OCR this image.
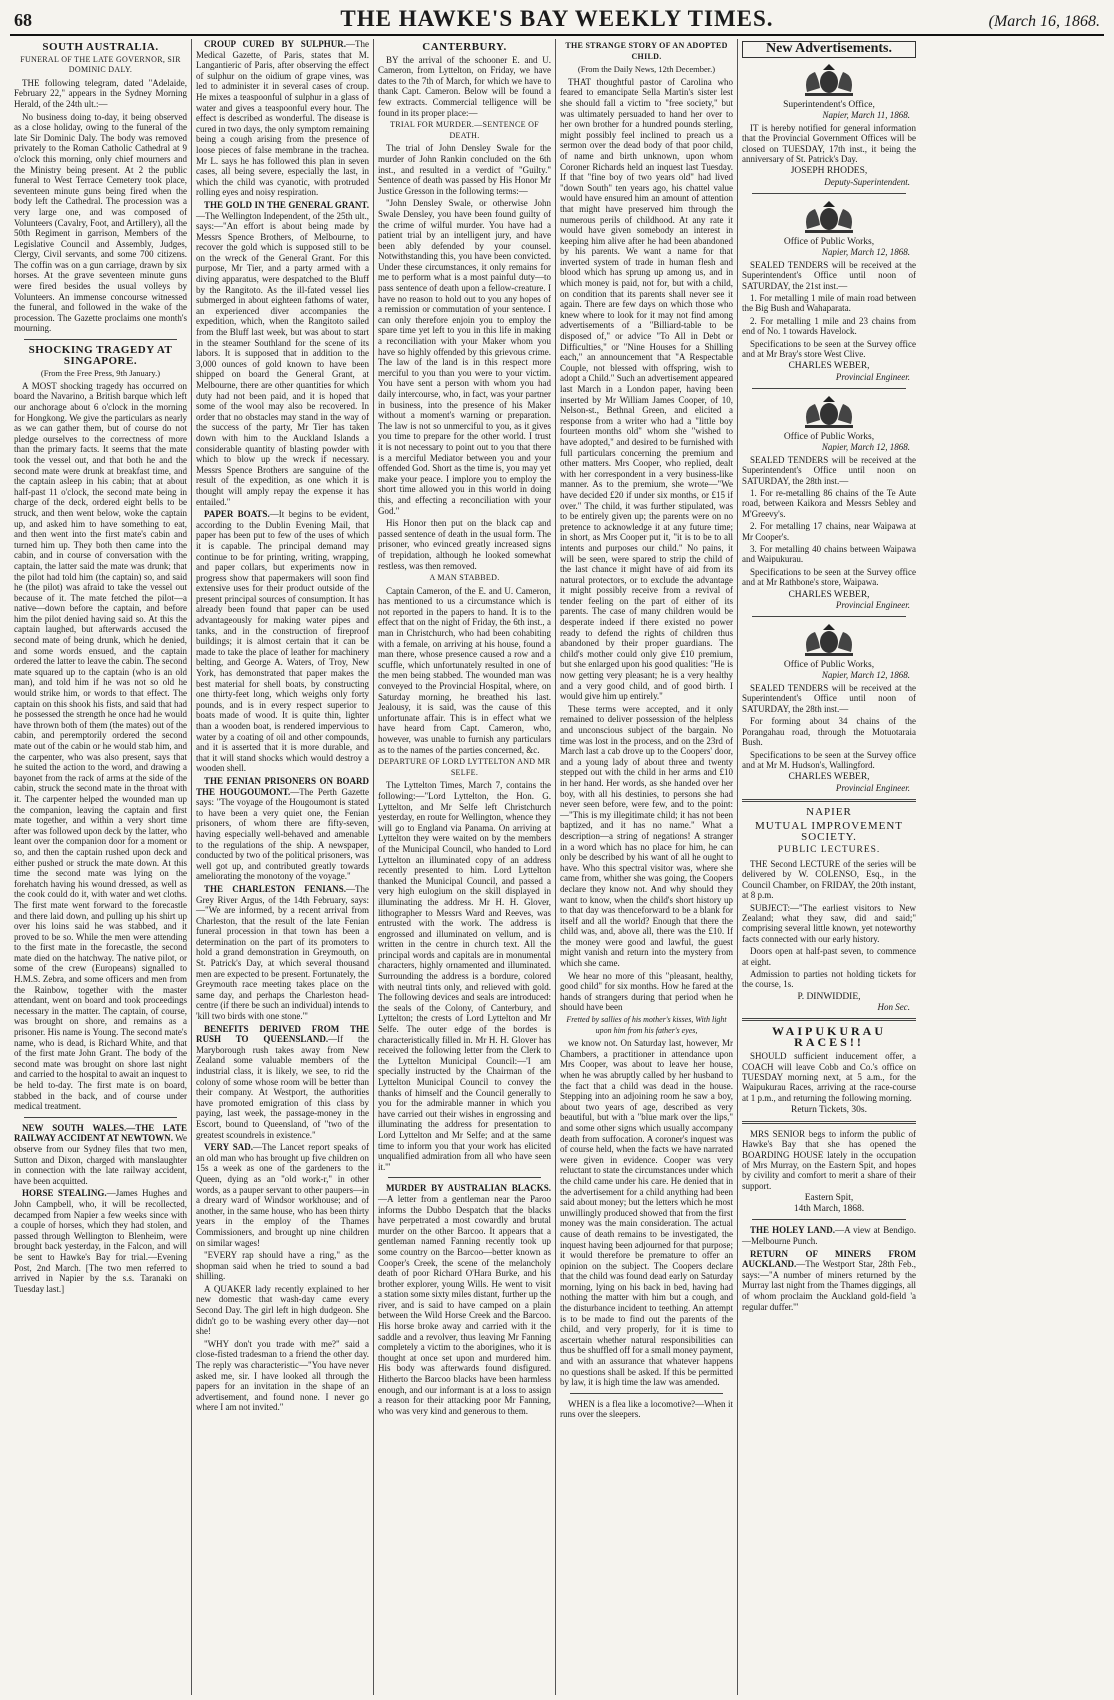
68	THE HAWKE'S BAY WEEKLY TIMES.	(March 16, 1868.
SOUTH AUSTRALIA.
FUNERAL OF THE LATE GOVERNOR, SIR DOMINIC DALY.

THE following telegram, dated "Adelaide, February 22," appears in the Sydney Morning Herald, of the 24th ult.:—

No business doing to-day, it being observed as a close holiday, owing to the funeral of the late Sir Dominic Daly. The body was removed privately to the Roman Catholic Cathedral at 9 o'clock this morning, only chief mourners and the Ministry being present. At 2 the public funeral to West Terrace Cemetery took place, seventeen minute guns being fired when the body left the Cathedral. The procession was a very large one, and was composed of Volunteers (Cavalry, Foot, and Artillery), all the 50th Regiment in garrison, Members of the Legislative Council and Assembly, Judges, Clergy, Civil servants, and some 700 citizens. The coffin was on a gun carriage, drawn by six horses. At the grave seventeen minute guns were fired besides the usual volleys by Volunteers. An immense concourse witnessed the funeral, and followed in the wake of the procession. The Gazette proclaims one month's mourning.

SHOCKING TRAGEDY AT SINGAPORE.
(From the Free Press, 9th January.)

A MOST shocking tragedy has occurred on board the Navarino, a British barque which left our anchorage about 6 o'clock in the morning for Hongkong. We give the particulars as nearly as we can gather them, but of course do not pledge ourselves to the correctness of more than the primary facts. It seems that the mate took the vessel out, and that both he and the second mate were drunk at breakfast time, and the captain asleep in his cabin; that at about half-past 11 o'clock, the second mate being in charge of the deck, ordered eight bells to be struck, and then went below, woke the captain up, and asked him to have something to eat, and then went into the first mate's cabin and turned him up. They both then came into the cabin, and in course of conversation with the captain, the latter said the mate was drunk; that the pilot had told him (the captain) so, and said he (the pilot) was afraid to take the vessel out because of it. The mate fetched the pilot—a native—down before the captain, and before him the pilot denied having said so. At this the captain laughed, but afterwards accused the second mate of being drunk, which he denied, and some words ensued, and the captain ordered the latter to leave the cabin. The second mate squared up to the captain (who is an old man), and told him if he was not so old he would strike him, or words to that effect. The captain on this shook his fists, and said that had he possessed the strength he once had he would have thrown both of them (the mates) out of the cabin, and peremptorily ordered the second mate out of the cabin or he would stab him, and the carpenter, who was also present, says that he suited the action to the word, and drawing a bayonet from the rack of arms at the side of the cabin, struck the second mate in the throat with it. The carpenter helped the wounded man up the companion, leaving the captain and first mate together, and within a very short time after was followed upon deck by the latter, who leant over the companion door for a moment or so, and then the captain rushed upon deck and either pushed or struck the mate down. At this time the second mate was lying on the forehatch having his wound dressed, as well as the cook could do it, with water and wet cloths. The first mate went forward to the forecastle and there laid down, and pulling up his shirt up over his loins said he was stabbed, and it proved to be so. While the men were attending to the first mate in the forecastle, the second mate died on the hatchway. The native pilot, or some of the crew (Europeans) signalled to H.M.S. Zebra, and some officers and men from the Rainbow, together with the master attendant, went on board and took proceedings necessary in the matter. The captain, of course, was brought on shore, and remains as a prisoner. His name is Young. The second mate's name, who is dead, is Richard White, and that of the first mate John Grant. The body of the second mate was brought on shore last night and carried to the hospital to await an inquest to be held to-day. The first mate is on board, stabbed in the back, and of course under medical treatment.

NEW SOUTH WALES.—THE LATE RAILWAY ACCIDENT AT NEWTOWN. We observe from our Sydney files that two men, Sutton and Dixon, charged with manslaughter in connection with the late railway accident, have been acquitted.

HORSE STEALING.—James Hughes and John Campbell, who, it will be recollected, decamped from Napier a few weeks since with a couple of horses, which they had stolen, and passed through Wellington to Blenheim, were brought back yesterday, in the Falcon, and will be sent to Hawke's Bay for trial.—Evening Post, 2nd March. [The two men referred to arrived in Napier by the s.s. Taranaki on Tuesday last.]

CROUP CURED BY SULPHUR.—The Medical Gazette, of Paris, states that M. Langantieric of Paris, after observing the effect of sulphur on the oidium of grape vines, was led to administer it in several cases of croup. He mixes a teaspoonful of sulphur in a glass of water and gives a teaspoonful every hour. The effect is described as wonderful. The disease is cured in two days, the only symptom remaining being a cough arising from the presence of loose pieces of false membrane in the trachea. Mr L. says he has followed this plan in seven cases, all being severe, especially the last, in which the child was cyanotic, with protruded rolling eyes and noisy respiration.

THE GOLD IN THE GENERAL GRANT.—The Wellington Independent, of the 25th ult., says:—"An effort is about being made by Messrs Spence Brothers, of Melbourne, to recover the gold which is supposed still to be on the wreck of the General Grant. For this purpose, Mr Tier, and a party armed with a diving apparatus, were despatched to the Bluff by the Rangitoto. As the ill-fated vessel lies submerged in about eighteen fathoms of water, an experienced diver accompanies the expedition, which, when the Rangitoto sailed from the Bluff last week, but was about to start in the steamer Southland for the scene of its labors. It is supposed that in addition to the 3,000 ounces of gold known to have been shipped on board the General Grant, at Melbourne, there are other quantities for which duty had not been paid, and it is hoped that some of the wool may also be recovered. In order that no obstacles may stand in the way of the success of the party, Mr Tier has taken down with him to the Auckland Islands a considerable quantity of blasting powder with which to blow up the wreck if necessary. Messrs Spence Brothers are sanguine of the result of the expedition, as one which it is thought will amply repay the expense it has entailed."

PAPER BOATS.—It begins to be evident, according to the Dublin Evening Mail, that paper has been put to few of the uses of which it is capable. The principal demand may continue to be for printing, writing, wrapping, and paper collars, but experiments now in progress show that papermakers will soon find extensive uses for their product outside of the present principal sources of consumption. It has already been found that paper can be used advantageously for making water pipes and tanks, and in the construction of fireproof buildings; it is almost certain that it can be made to take the place of leather for machinery belting, and George A. Waters, of Troy, New York, has demonstrated that paper makes the best material for shell boats, by constructing one thirty-feet long, which weighs only forty pounds, and is in every respect superior to boats made of wood. It is quite thin, lighter than a wooden boat, is rendered impervious to water by a coating of oil and other compounds, and it is asserted that it is more durable, and that it will stand shocks which would destroy a wooden shell.

THE FENIAN PRISONERS ON BOARD THE HOUGOUMONT.—The Perth Gazette says: "The voyage of the Hougoumont is stated to have been a very quiet one, the Fenian prisoners, of whom there are fifty-seven, having especially well-behaved and amenable to the regulations of the ship. A newspaper, conducted by two of the political prisoners, was well got up, and contributed greatly towards ameliorating the monotony of the voyage."

THE CHARLESTON FENIANS.—The Grey River Argus, of the 14th February, says:—"We are informed, by a recent arrival from Charleston, that the result of the late Fenian funeral procession in that town has been a determination on the part of its promoters to hold a grand demonstration in Greymouth, on St. Patrick's Day, at which several thousand men are expected to be present. Fortunately, the Greymouth race meeting takes place on the same day, and perhaps the Charleston head-centre (if there be such an individual) intends to 'kill two birds with one stone.'"

BENEFITS DERIVED FROM THE RUSH TO QUEENSLAND.—If the Maryborough rush takes away from New Zealand some valuable members of the industrial class, it is likely, we see, to rid the colony of some whose room will be better than their company. At Westport, the authorities have promoted emigration of this class by paying, last week, the passage-money in the Escort, bound to Queensland, of "two of the greatest scoundrels in existence."

VERY SAD.—The Lancet report speaks of an old man who has brought up five children on 15s a week as one of the gardeners to the Queen, dying as an "old work-r," in other words, as a pauper servant to other paupers—in a dreary ward of Windsor workhouse; and of another, in the same house, who has been thirty years in the employ of the Thames Commissioners, and brought up nine children on similar wages!

"EVERY rap should have a ring," as the shopman said when he tried to sound a bad shilling.

A QUAKER lady recently explained to her new domestic that wash-day came every Second Day. The girl left in high dudgeon. She didn't go to be washing every other day—not she!

"WHY don't you trade with me?" said a close-fisted tradesman to a friend the other day. The reply was characteristic—"You have never asked me, sir. I have looked all through the papers for an invitation in the shape of an advertisement, and found none. I never go where I am not invited."

CANTERBURY.

BY the arrival of the schooner E. and U. Cameron, from Lyttelton, on Friday, we have dates to the 7th of March, for which we have to thank Capt. Cameron. Below will be found a few extracts. Commercial telligence will be found in its proper place:—

TRIAL FOR MURDER.—SENTENCE OF DEATH.

The trial of John Densley Swale for the murder of John Rankin concluded on the 6th inst., and resulted in a verdict of "Guilty." Sentence of death was passed by His Honor Mr Justice Gresson in the following terms:—

"John Densley Swale, or otherwise John Swale Densley, you have been found guilty of the crime of wilful murder. You have had a patient trial by an intelligent jury, and have been ably defended by your counsel. Notwithstanding this, you have been convicted. Under these circumstances, it only remains for me to perform what is a most painful duty—to pass sentence of death upon a fellow-creature. I have no reason to hold out to you any hopes of a remission or commutation of your sentence. I can only therefore enjoin you to employ the spare time yet left to you in this life in making a reconciliation with your Maker whom you have so highly offended by this grievous crime. The law of the land is in this respect more merciful to you than you were to your victim. You have sent a person with whom you had daily intercourse, who, in fact, was your partner in business, into the presence of his Maker without a moment's warning or preparation. The law is not so unmerciful to you, as it gives you time to prepare for the other world. I trust it is not necessary to point out to you that there is a merciful Mediator between you and your offended God. Short as the time is, you may yet make your peace. I implore you to employ the short time allowed you in this world in doing this, and effecting a reconciliation with your God."

His Honor then put on the black cap and passed sentence of death in the usual form. The prisoner, who evinced greatly increased signs of trepidation, although he looked somewhat restless, was then removed.

A MAN STABBED.

Captain Cameron, of the E. and U. Cameron, has mentioned to us a circumstance which is not reported in the papers to hand. It is to the effect that on the night of Friday, the 6th inst., a man in Christchurch, who had been cohabiting with a female, on arriving at his house, found a man there, whose presence caused a row and a scuffle, which unfortunately resulted in one of the men being stabbed. The wounded man was conveyed to the Provincial Hospital, where, on Saturday morning, he breathed his last. Jealousy, it is said, was the cause of this unfortunate affair. This is in effect what we have heard from Capt. Cameron, who, however, was unable to furnish any particulars as to the names of the parties concerned, &c.

DEPARTURE OF LORD LYTTELTON AND MR SELFE.

The Lyttelton Times, March 7, contains the following:—"Lord Lyttelton, the Hon. G. Lyttelton, and Mr Selfe left Christchurch yesterday, en route for Wellington, whence they will go to England via Panama. On arriving at Lyttelton they were waited on by the members of the Municipal Council, who handed to Lord Lyttelton an illuminated copy of an address recently presented to him. Lord Lyttelton thanked the Municipal Council, and passed a very high eulogium on the skill displayed in illuminating the address. Mr H. H. Glover, lithographer to Messrs Ward and Reeves, was entrusted with the work. The address is engrossed and illuminated on vellum, and is written in the centre in church text. All the principal words and capitals are in monumental characters, highly ornamented and illuminated. Surrounding the address is a bordure, colored with neutral tints only, and relieved with gold. The following devices and seals are introduced: the seals of the Colony, of Canterbury, and Lyttelton; the crests of Lord Lyttelton and Mr Selfe. The outer edge of the bordes is characteristically filled in. Mr H. H. Glover has received the following letter from the Clerk to the Lyttelton Municipal Council:—'I am specially instructed by the Chairman of the Lyttelton Municipal Council to convey the thanks of himself and the Council generally to you for the admirable manner in which you have carried out their wishes in engrossing and illuminating the address for presentation to Lord Lyttelton and Mr Selfe; and at the same time to inform you that your work has elicited unqualified admiration from all who have seen it.'"

MURDER BY AUSTRALIAN BLACKS.—A letter from a gentleman near the Paroo informs the Dubbo Despatch that the blacks have perpetrated a most cowardly and brutal murder on the other Barcoo. It appears that a gentleman named Fanning recently took up some country on the Barcoo—better known as Cooper's Creek, the scene of the melancholy death of poor Richard O'Hara Burke, and his brother explorer, young Wills. He went to visit a station some sixty miles distant, further up the river, and is said to have camped on a plain between the Wild Horse Creek and the Barcoo. His horse broke away and carried with it the saddle and a revolver, thus leaving Mr Fanning completely a victim to the aborigines, who it is thought at once set upon and murdered him. His body was afterwards found disfigured. Hitherto the Barcoo blacks have been harmless enough, and our informant is at a loss to assign a reason for their attacking poor Mr Fanning, who was very kind and generous to them.

THE STRANGE STORY OF AN ADOPTED CHILD.
(From the Daily News, 12th December.)

THAT thoughtful pastor of Carolina who feared to emancipate Sella Martin's sister lest she should fall a victim to "free society," but was ultimately persuaded to hand her over to her own brother for a hundred pounds sterling, might possibly feel inclined to preach us a sermon over the dead body of that poor child, of name and birth unknown, upon whom Coroner Richards held an inquest last Tuesday. If that "fine boy of two years old" had lived "down South" ten years ago, his chattel value would have ensured him an amount of attention that might have preserved him through the numerous perils of childhood. At any rate it would have given somebody an interest in keeping him alive after he had been abandoned by his parents. We want a name for that inverted system of trade in human flesh and blood which has sprung up among us, and in which money is paid, not for, but with a child, on condition that its parents shall never see it again. There are few days on which those who knew where to look for it may not find among advertisements of a "Billiard-table to be disposed of," or advice "To All in Debt or Difficulties," or "Nine Houses for a Shilling each," an announcement that "A Respectable Couple, not blessed with offspring, wish to adopt a Child." Such an advertisement appeared last March in a London paper, having been inserted by Mr William James Cooper, of 10, Nelson-st., Bethnal Green, and elicited a response from a writer who had a "little boy fourteen months old" whom she "wished to have adopted," and desired to be furnished with full particulars concerning the premium and other matters. Mrs Cooper, who replied, dealt with her correspondent in a very business-like manner. As to the premium, she wrote—"We have decided £20 if under six months, or £15 if over." The child, it was further stipulated, was to be entirely given up; the parents were on no pretence to acknowledge it at any future time; in short, as Mrs Cooper put it, "it is to be to all intents and purposes our child." No pains, it will be seen, were spared to strip the child of the last chance it might have of aid from its natural protectors, or to exclude the advantage it might possibly receive from a revival of tender feeling on the part of either of its parents. The case of many children would be desperate indeed if there existed no power ready to defend the rights of children thus abandoned by their proper guardians. The child's mother could only give £10 premium, but she enlarged upon his good qualities: "He is now getting very pleasant; he is a very healthy and a very good child, and of good birth. I would give him up entirely."

These terms were accepted, and it only remained to deliver possession of the helpless and unconscious subject of the bargain. No time was lost in the process, and on the 23rd of March last a cab drove up to the Coopers' door, and a young lady of about three and twenty stepped out with the child in her arms and £10 in her hand. Her words, as she handed over her boy, with all his destinies, to persons she had never seen before, were few, and to the point:—"This is my illegitimate child; it has not been baptized, and it has no name." What a description—a string of negations! A stranger in a word which has no place for him, he can only be described by his want of all he ought to have. Who this spectral visitor was, where she came from, whither she was going, the Coopers declare they know not. And why should they want to know, when the child's short history up to that day was thenceforward to be a blank for itself and all the world? Enough that there the child was, and, above all, there was the £10. If the money were good and lawful, the guest might vanish and return into the mystery from which she came.

We hear no more of this "pleasant, healthy, good child" for six months. How he fared at the hands of strangers during that period when he should have been

Fretted by sallies of his mother's kisses, With light upon him from his father's eyes,

we know not. On Saturday last, however, Mr Chambers, a practitioner in attendance upon Mrs Cooper, was about to leave her house, when he was abruptly called by her husband to the fact that a child was dead in the house. Stepping into an adjoining room he saw a boy, about two years of age, described as very beautiful, but with a "blue mark over the lips," and some other signs which usually accompany death from suffocation. A coroner's inquest was of course held, when the facts we have narrated were given in evidence. Cooper was very reluctant to state the circumstances under which the child came under his care. He denied that in the advertisement for a child anything had been said about money; but the letters which he most unwillingly produced showed that from the first money was the main consideration. The actual cause of death remains to be investigated, the inquest having been adjourned for that purpose; it would therefore be premature to offer an opinion on the subject. The Coopers declare that the child was found dead early on Saturday morning, lying on his back in bed, having had nothing the matter with him but a cough, and the disturbance incident to teething. An attempt is to be made to find out the parents of the child, and very properly, for it is time to ascertain whether natural responsibilities can thus be shuffled off for a small money payment, and with an assurance that whatever happens no questions shall be asked. If this be permitted by law, it is high time the law was amended.

WHEN is a flea like a locomotive?—When it runs over the sleepers.

New Advertisements.
Superintendent's Office,
Napier, March 11, 1868.

IT is hereby notified for general information that the Provincial Government Offices will be closed on TUESDAY, 17th inst., it being the anniversary of St. Patrick's Day.

JOSEPH RHODES,
Deputy-Superintendent.
Office of Public Works,
Napier, March 12, 1868.

SEALED TENDERS will be received at the Superintendent's Office until noon of SATURDAY, the 21st inst.—

1. For metalling 1 mile of main road between the Big Bush and Wahaparata.

2. For metalling 1 mile and 23 chains from end of No. 1 towards Havelock.

Specifications to be seen at the Survey office and at Mr Bray's store West Clive.

CHARLES WEBER,
Provincial Engineer.
Office of Public Works,
Napier, March 12, 1868.

SEALED TENDERS will be received at the Superintendent's Office until noon on SATURDAY, the 28th inst.—

1. For re-metalling 86 chains of the Te Aute road, between Kaikora and Messrs Sebley and M'Greevy's.

2. For metalling 17 chains, near Waipawa at Mr Cooper's.

3. For metalling 40 chains between Waipawa and Waipukurau.

Specifications to be seen at the Survey office and at Mr Rathbone's store, Waipawa.

CHARLES WEBER,
Provincial Engineer.
Office of Public Works,
Napier, March 12, 1868.

SEALED TENDERS will be received at the Superintendent's Office until noon of SATURDAY, the 28th inst.—

For forming about 34 chains of the Porangahau road, through the Motuotaraia Bush.

Specifications to be seen at the Survey office and at Mr M. Hudson's, Wallingford.

CHARLES WEBER,
Provincial Engineer.
NAPIER
MUTUAL IMPROVEMENT SOCIETY.
PUBLIC LECTURES.

THE Second LECTURE of the series will be delivered by W. COLENSO, Esq., in the Council Chamber, on FRIDAY, the 20th instant, at 8 p.m.

SUBJECT:—"The earliest visitors to New Zealand; what they saw, did and said;" comprising several little known, yet noteworthy facts connected with our early history.

Doors open at half-past seven, to commence at eight.

Admission to parties not holding tickets for the course, 1s.

P. DINWIDDIE,
Hon Sec.
WAIPUKURAU RACES!!

SHOULD sufficient inducement offer, a COACH will leave Cobb and Co.'s office on TUESDAY morning next, at 5 a.m., for the Waipukurau Races, arriving at the race-course at 1 p.m., and returning the following morning.

Return Tickets, 30s.

MRS SENIOR begs to inform the public of Hawke's Bay that she has opened the BOARDING HOUSE lately in the occupation of Mrs Murray, on the Eastern Spit, and hopes by civility and comfort to merit a share of their support.

Eastern Spit,
14th March, 1868.

THE HOLEY LAND.—A view at Bendigo.—Melbourne Punch.

RETURN OF MINERS FROM AUCKLAND.—The Westport Star, 28th Feb., says:—"A number of miners returned by the Murray last night from the Thames diggings, all of whom proclaim the Auckland gold-field 'a regular duffer.'"
